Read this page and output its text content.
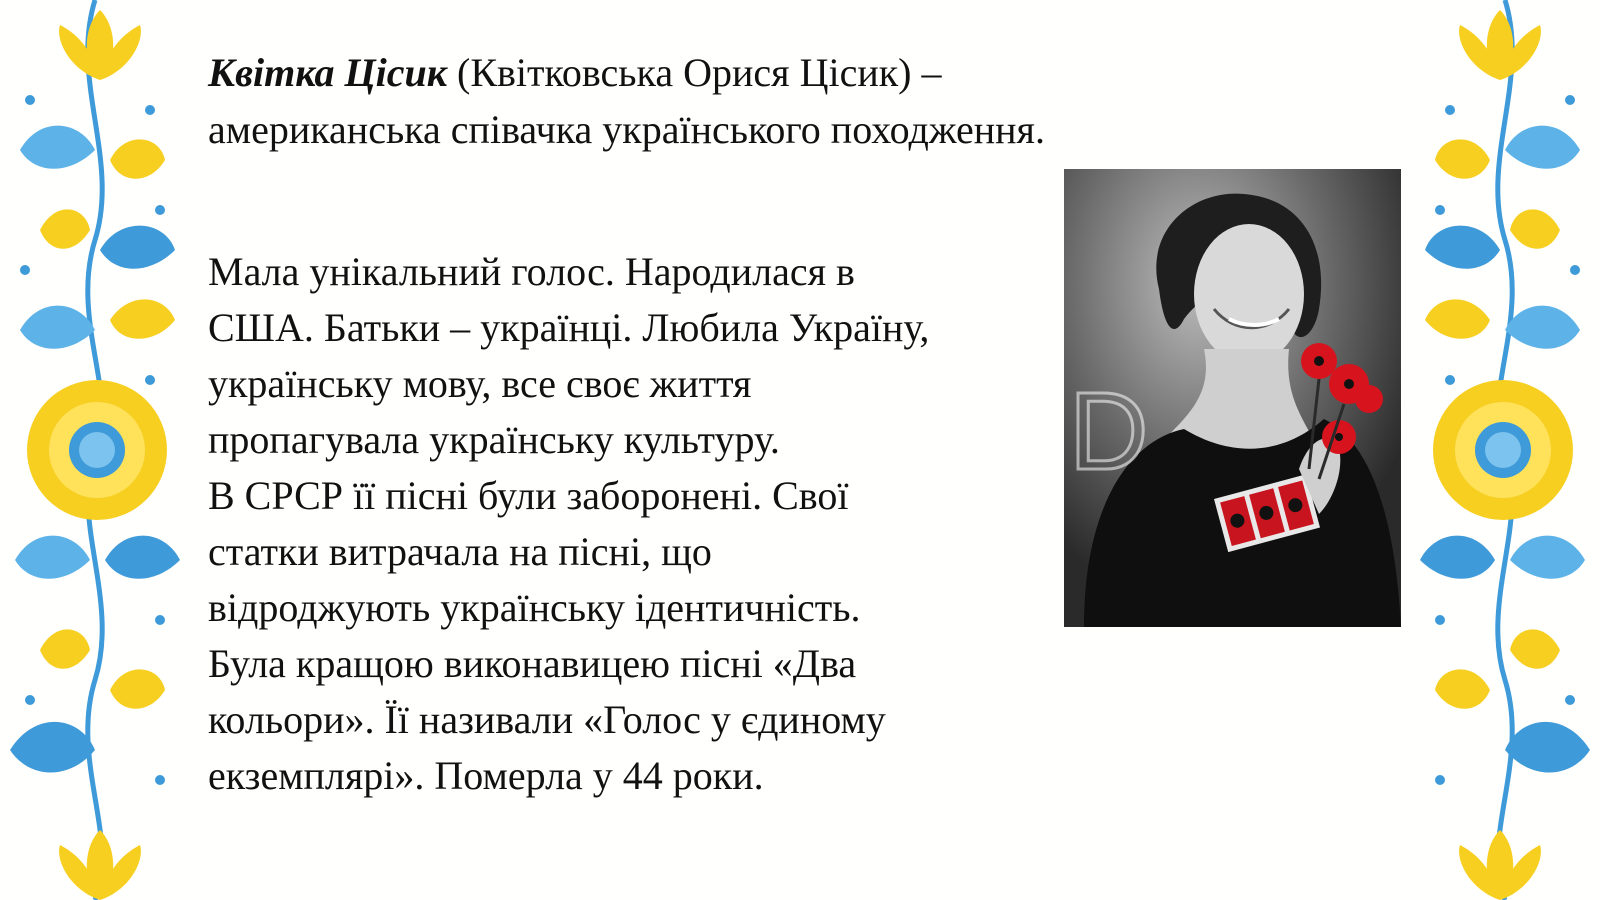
Квітка Цісик (Квітковська Орися Цісик) –
американська співачка українського походження.

Мала унікальний голос. Народилася в

США. Батьки – українці. Любила Україну,

українську мову, все своє життя

пропагувала українську культуру.

В СРСР її пісні були заборонені. Свої

статки витрачала на пісні, що

відроджують українську ідентичність.

Була кращою виконавицею пісні «Два

кольори». Її називали «Голос у єдиному

екземплярі». Померла у 44 роки.

D
